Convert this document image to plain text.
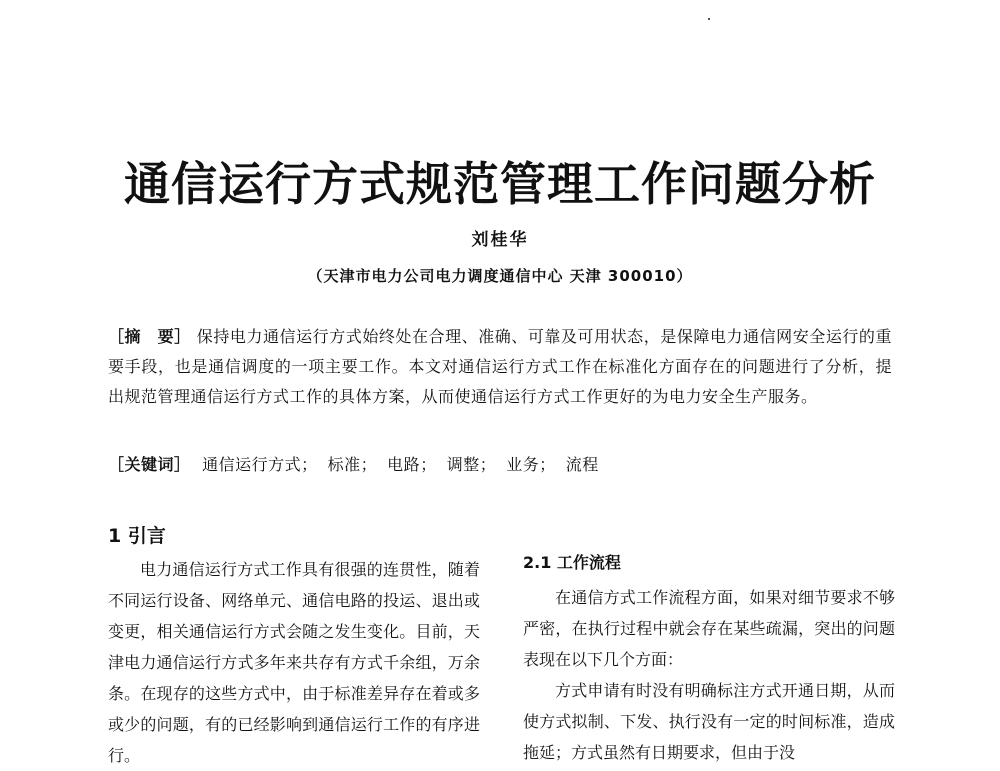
通信运行方式规范管理工作问题分析
刘桂华
（天津市电力公司电力调度通信中心 天津 300010）
［摘　要］ 保持电力通信运行方式始终处在合理、准确、可靠及可用状态，是保障电力通信网安全运行的重要手段，也是通信调度的一项主要工作。本文对通信运行方式工作在标准化方面存在的问题进行了分析，提出规范管理通信运行方式工作的具体方案，从而使通信运行方式工作更好的为电力安全生产服务。
［关键词］ 通信运行方式； 标准； 电路； 调整； 业务； 流程
1 引言

电力通信运行方式工作具有很强的连贯性，随着不同运行设备、网络单元、通信电路的投运、退出或变更，相关通信运行方式会随之发生变化。目前，天津电力通信运行方式多年来共存有方式千余组，万余条。在现存的这些方式中，由于标准差异存在着或多或少的问题，有的已经影响到通信运行工作的有序进行。

2.1 工作流程

在通信方式工作流程方面，如果对细节要求不够严密，在执行过程中就会存在某些疏漏，突出的问题表现在以下几个方面：

方式申请有时没有明确标注方式开通日期，从而使方式拟制、下发、执行没有一定的时间标准，造成拖延；方式虽然有日期要求，但由于没
